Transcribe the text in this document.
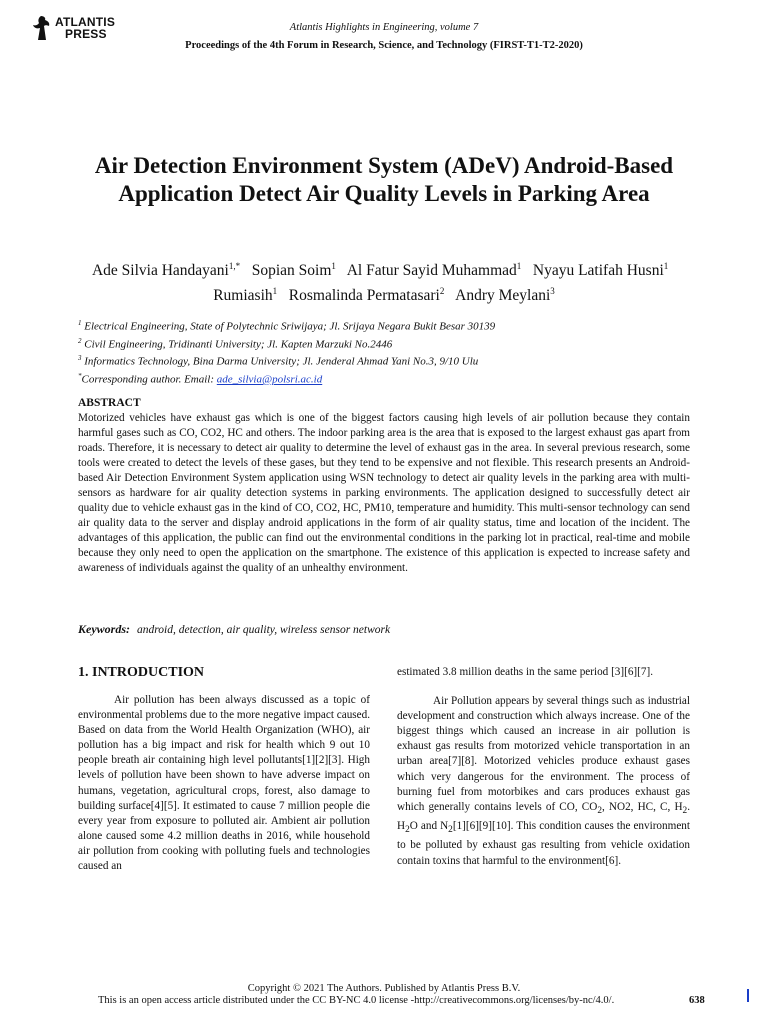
ATLANTIS
PRESS	Atlantis Highlights in Engineering, volume 7
Proceedings of the 4th Forum in Research, Science, and Technology (FIRST-T1-T2-2020)
Air Detection Environment System (ADeV) Android-Based Application Detect Air Quality Levels in Parking Area
Ade Silvia Handayani$^{1,*}$ Sopian Soim$^1$ Al Fatur Sayid Muhammad$^1$ Nyayu Latifah Husni$^1$   Rumiasih$^1$ Rosmalinda Permatasari$^2$ Andry Meylani$^3$
$^1$ Electrical Engineering, State of Polytechnic Sriwijaya; Jl. Srijaya Negara Bukit Besar 30139
$^2$ Civil Engineering, Tridinanti University; Jl. Kapten Marzuki No.2446
$^3$ Informatics Technology, Bina Darma University; Jl. Jenderal Ahmad Yani No.3, 9/10 Ulu
*Corresponding author. Email: ade_silvia@polsri.ac.id
ABSTRACT
Motorized vehicles have exhaust gas which is one of the biggest factors causing high levels of air pollution because they contain harmful gases such as CO, CO2, HC and others. The indoor parking area is the area that is exposed to the largest exhaust gas apart from roads. Therefore, it is necessary to detect air quality to determine the level of exhaust gas in the area. In several previous research, some tools were created to detect the levels of these gases, but they tend to be expensive and not flexible. This research presents an Android-based Air Detection Environment System application using WSN technology to detect air quality levels in the parking area with multi-sensors as hardware for air quality detection systems in parking environments. The application designed to successfully detect air quality due to vehicle exhaust gas in the kind of CO, CO2, HC, PM10, temperature and humidity. This multi-sensor technology can send air quality data to the server and display android applications in the form of air quality status, time and location of the incident. The advantages of this application, the public can find out the environmental conditions in the parking lot in practical, real-time and mobile because they only need to open the application on the smartphone. The existence of this application is expected to increase safety and awareness of individuals against the quality of an unhealthy environment.
Keywords: android, detection, air quality, wireless sensor network
1. INTRODUCTION

Air pollution has been always discussed as a topic of environmental problems due to the more negative impact caused. Based on data from the World Health Organization (WHO), air pollution has a big impact and risk for health which 9 out 10 people breath air containing high level pollutants[1][2][3]. High levels of pollution have been shown to have adverse impact on humans, vegetation, agricultural crops, forest, also damage to building surface[4][5]. It estimated to cause 7 million people die every year from exposure to polluted air. Ambient air pollution alone caused some 4.2 million deaths in 2016, while household air pollution from cooking with polluting fuels and technologies caused an

estimated 3.8 million deaths in the same period [3][6][7].

Air Pollution appears by several things such as industrial development and construction which always increase. One of the biggest things which caused an increase in air pollution is exhaust gas results from motorized vehicle transportation in an urban area[7][8]. Motorized vehicles produce exhaust gases which very dangerous for the environment. The process of burning fuel from motorbikes and cars produces exhaust gas which generally contains levels of CO, $CO_2$, NO2, HC, C, $H_2$. $H_2O$ and $N_2[1][6][9][10]$. This condition causes the environment to be polluted by exhaust gas resulting from vehicle oxidation contain toxins that harmful to the environment[6].

Copyright © 2021 The Authors. Published by Atlantis Press B.V.
This is an open access article distributed under the CC BY-NC 4.0 license -http://creativecommons.org/licenses/by-nc/4.0/.	638
